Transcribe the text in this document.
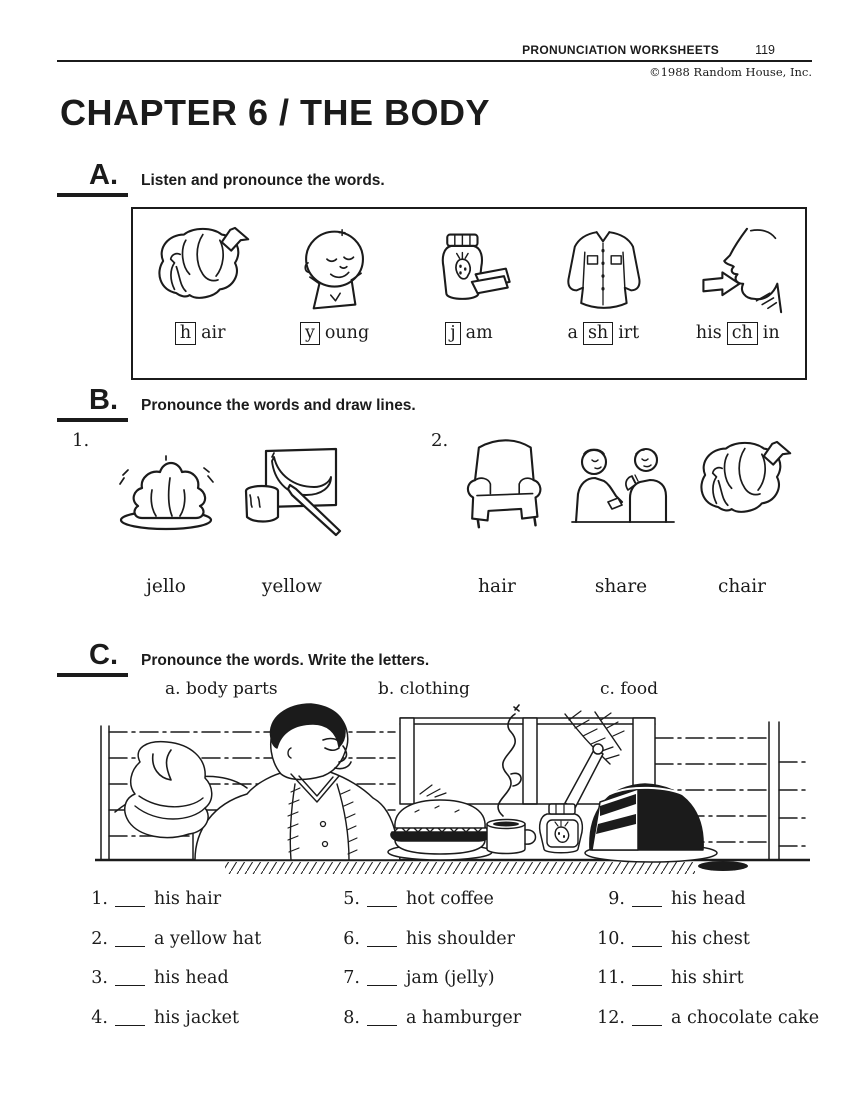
PRONUNCIATION WORKSHEETS	119
©1988 Random House, Inc.
CHAPTER 6 / THE BODY
A.	Listen and pronounce the words.
h air	y oung	j am	a sh irt	his ch in
B.	Pronounce the words and draw lines.
1.	2.
jello	yellow	hair	share	chair
C.	Pronounce the words. Write the letters.
a. body parts	b. clothing	c. food
1.	his hair
2.	a yellow hat
3.	his head
4.	his jacket
5.	hot coffee
6.	his shoulder
7.	jam (jelly)
8.	a hamburger
9.	his head
10.	his chest
11.	his shirt
12.	a chocolate cake
